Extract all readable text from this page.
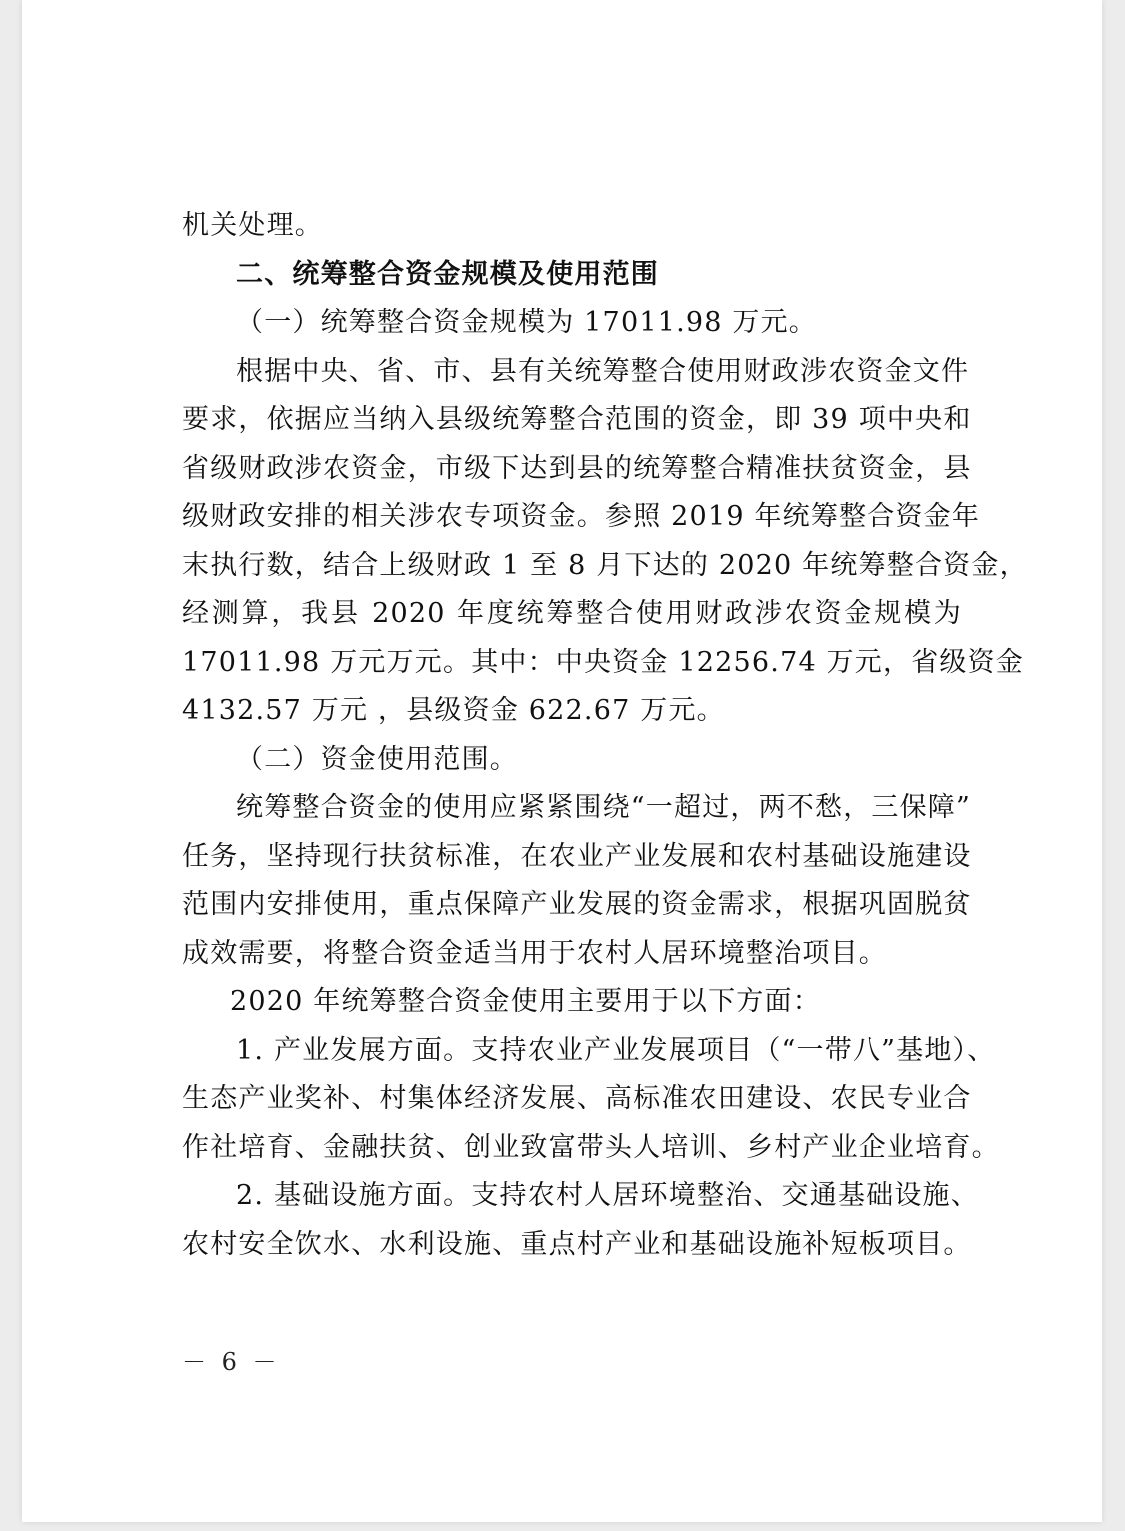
机关处理。
二、统筹整合资金规模及使用范围
（一）统筹整合资金规模为 17011.98 万元。
根据中央、省、市、县有关统筹整合使用财政涉农资金文件
要求，依据应当纳入县级统筹整合范围的资金，即 39 项中央和
省级财政涉农资金，市级下达到县的统筹整合精准扶贫资金，县
级财政安排的相关涉农专项资金。参照 2019 年统筹整合资金年
末执行数，结合上级财政 1 至 8 月下达的 2020 年统筹整合资金，
经测算，我县 2020 年度统筹整合使用财政涉农资金规模为
17011.98 万元万元。其中：中央资金 12256.74 万元，省级资金
4132.57 万元 ，县级资金 622.67 万元。
（二）资金使用范围。
统筹整合资金的使用应紧紧围绕“一超过，两不愁，三保障”
任务，坚持现行扶贫标准，在农业产业发展和农村基础设施建设
范围内安排使用，重点保障产业发展的资金需求，根据巩固脱贫
成效需要，将整合资金适当用于农村人居环境整治项目。
2020 年统筹整合资金使用主要用于以下方面：
1. 产业发展方面。支持农业产业发展项目（“一带八”基地）、
生态产业奖补、村集体经济发展、高标准农田建设、农民专业合
作社培育、金融扶贫、创业致富带头人培训、乡村产业企业培育。
2. 基础设施方面。支持农村人居环境整治、交通基础设施、
农村安全饮水、水利设施、重点村产业和基础设施补短板项目。
－ 6 －
